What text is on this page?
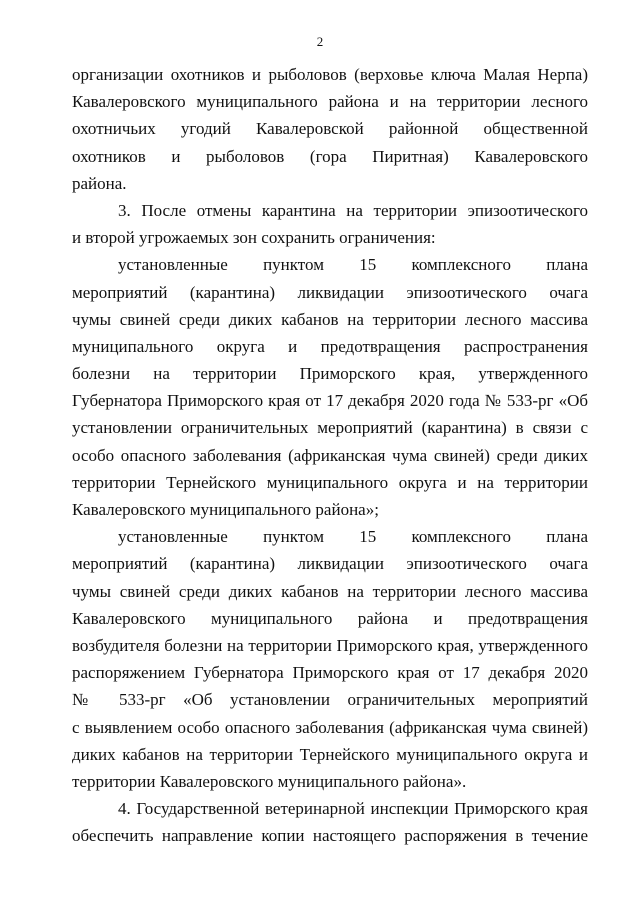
2
организации охотников и рыболовов (верховье ключа Малая Нерпа)
Кавалеровского муниципального района и на территории лесного
охотничьих угодий Кавалеровской районной общественной
охотников и рыболовов (гора Пиритная) Кавалеровского
района.
3. После отмены карантина на территории эпизоотического
и второй угрожаемых зон сохранить ограничения:
установленные пунктом 15 комплексного плана
мероприятий (карантина) ликвидации эпизоотического очага
чумы свиней среди диких кабанов на территории лесного массива
муниципального округа и предотвращения распространения
болезни на территории Приморского края, утвержденного
Губернатора Приморского края от 17 декабря 2020 года № 533-рг «Об
установлении ограничительных мероприятий (карантина) в связи с
особо опасного заболевания (африканская чума свиней) среди диких
территории Тернейского муниципального округа и на территории
Кавалеровского муниципального района»;
установленные пунктом 15 комплексного плана
мероприятий (карантина) ликвидации эпизоотического очага
чумы свиней среди диких кабанов на территории лесного массива
Кавалеровского муниципального района и предотвращения
возбудителя болезни на территории Приморского края, утвержденного
распоряжением Губернатора Приморского края от 17 декабря 2020
№ 533-рг «Об установлении ограничительных мероприятий
с выявлением особо опасного заболевания (африканская чума свиней)
диких кабанов на территории Тернейского муниципального округа и
территории Кавалеровского муниципального района».
4. Государственной ветеринарной инспекции Приморского края
обеспечить направление копии настоящего распоряжения в течение
